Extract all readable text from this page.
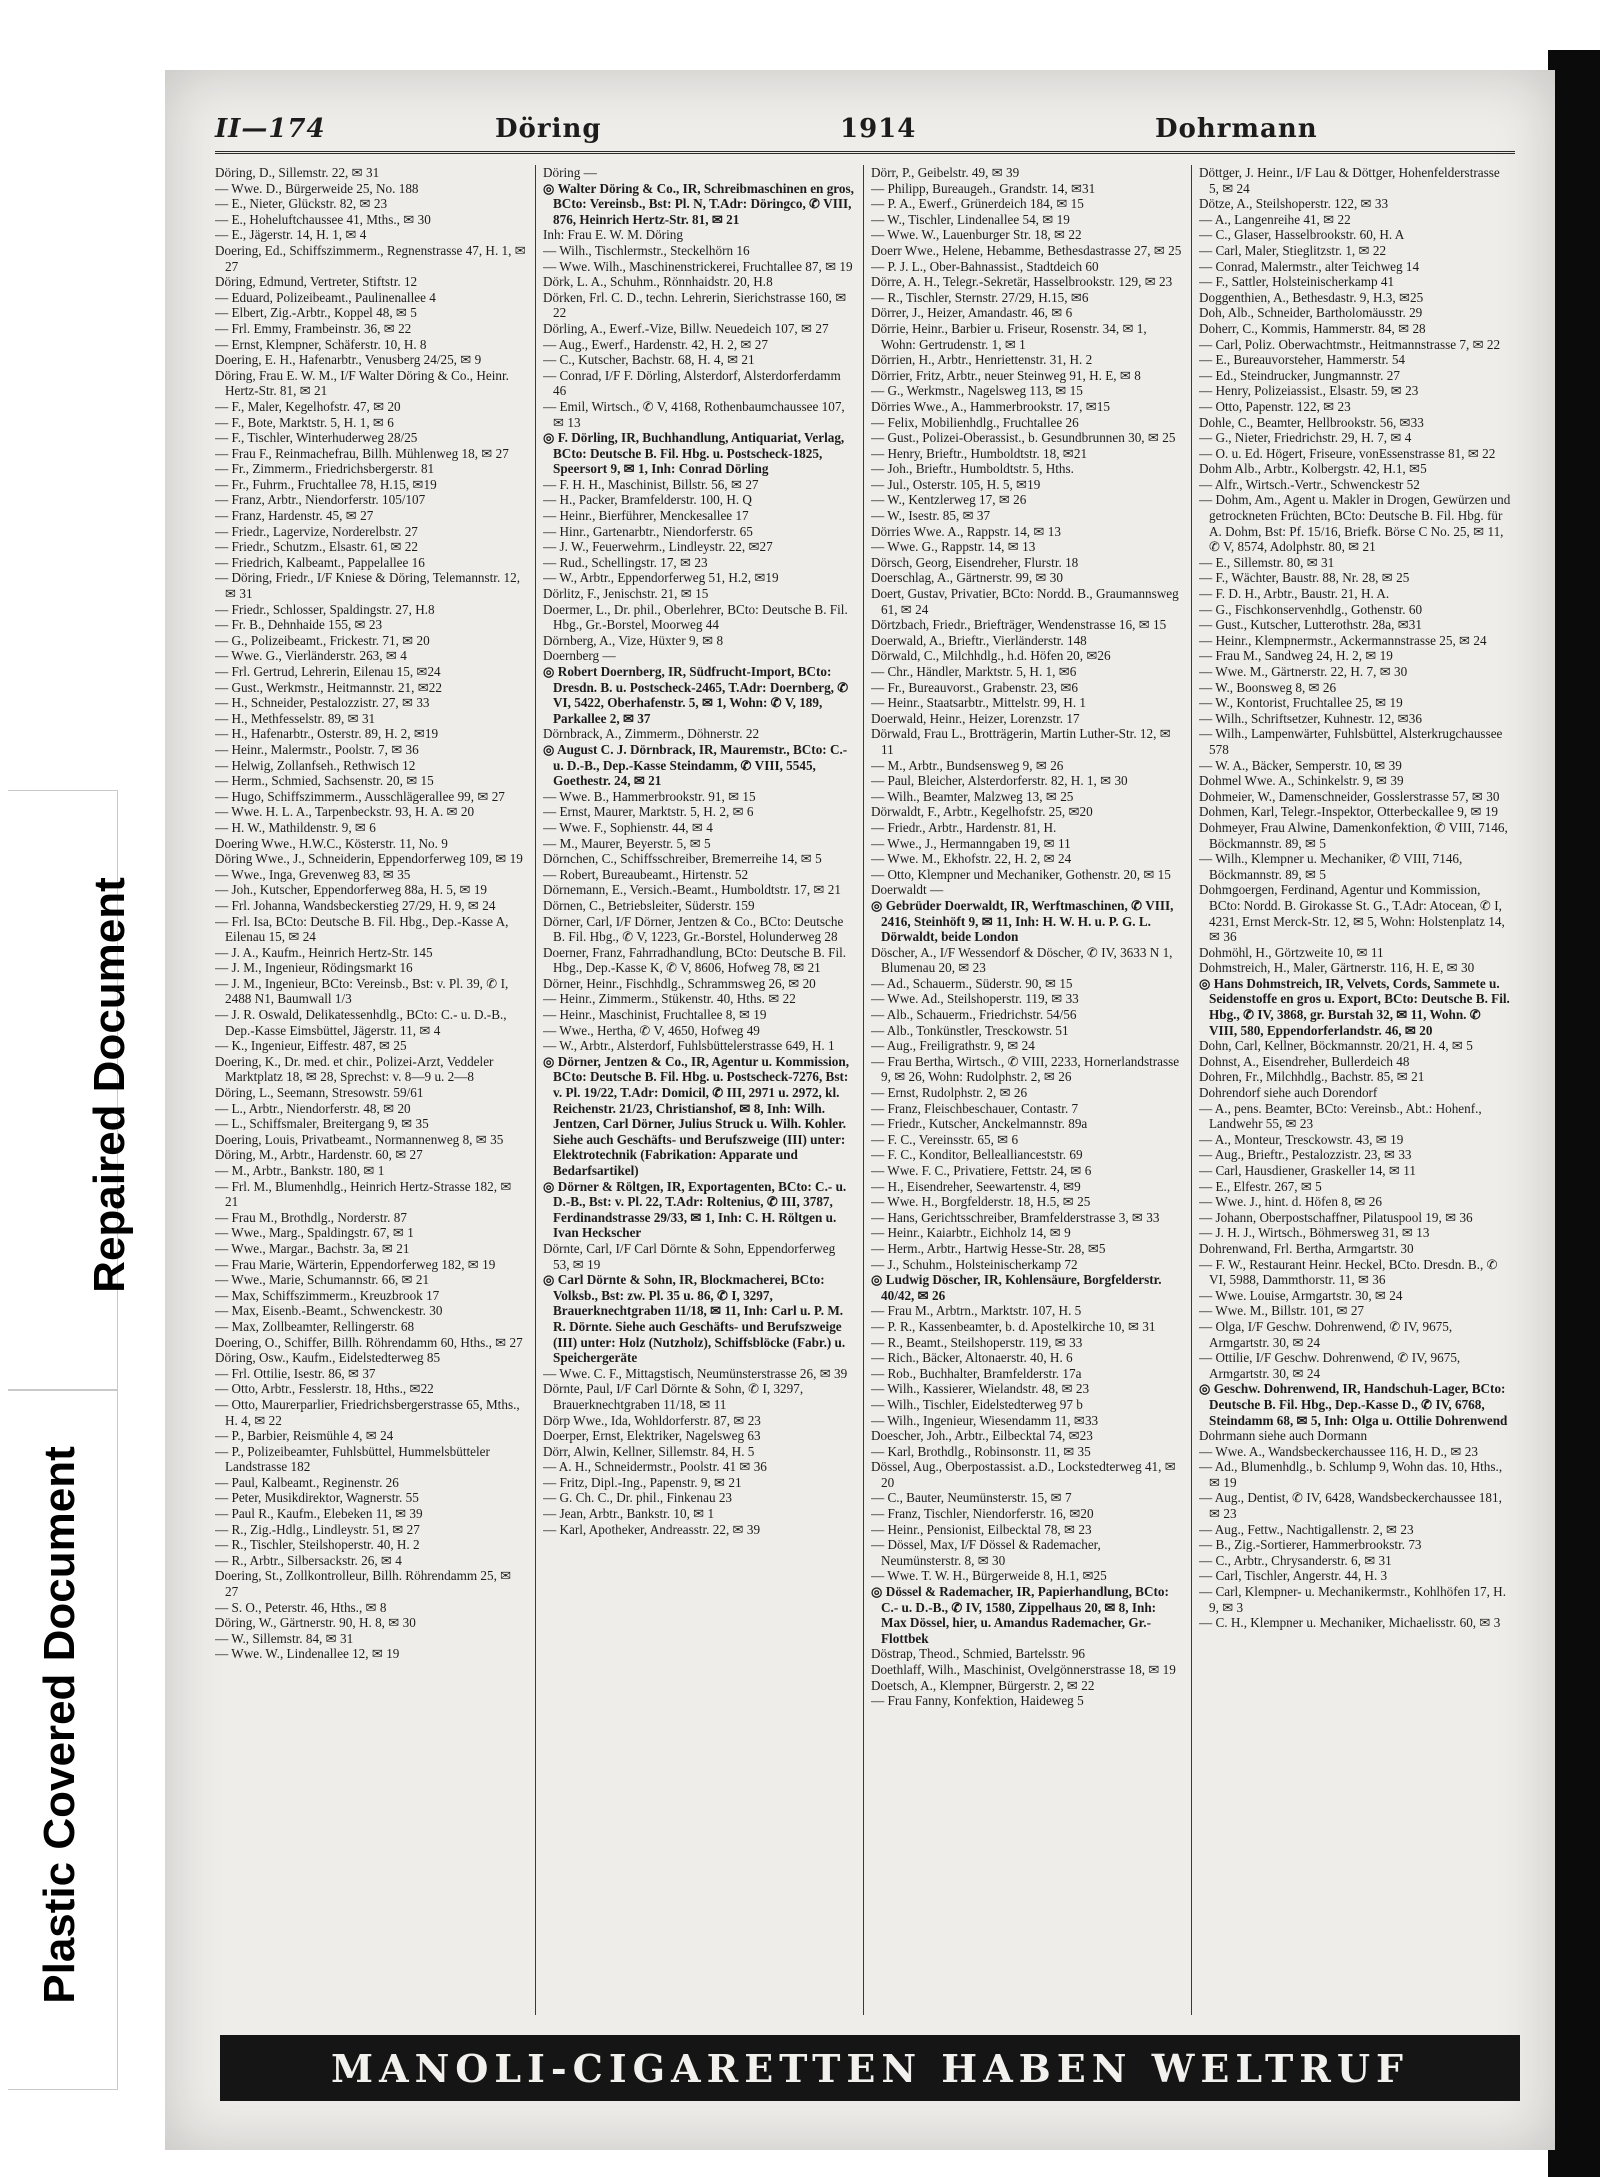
Repaired Document
Plastic Covered Document
II—174	Döring	1914	Dohrmann
Döring, D., Sillemstr. 22, ✉ 31
— Wwe. D., Bürgerweide 25, No. 188
— E., Nieter, Glückstr. 82, ✉ 23
— E., Hoheluftchaussee 41, Mths., ✉ 30
— E., Jägerstr. 14, H. 1, ✉ 4
Doering, Ed., Schiffszimmerm., Regnenstrasse 47, H. 1, ✉ 27
Döring, Edmund, Vertreter, Stiftstr. 12
— Eduard, Polizeibeamt., Paulinenallee 4
— Elbert, Zig.-Arbtr., Koppel 48, ✉ 5
— Frl. Emmy, Frambeinstr. 36, ✉ 22
— Ernst, Klempner, Schäferstr. 10, H. 8
Doering, E. H., Hafenarbtr., Venusberg 24/25, ✉ 9
Döring, Frau E. W. M., I/F Walter Döring & Co., Heinr. Hertz-Str. 81, ✉ 21
— F., Maler, Kegelhofstr. 47, ✉ 20
— F., Bote, Marktstr. 5, H. 1, ✉ 6
— F., Tischler, Winterhuderweg 28/25
— Frau F., Reinmachefrau, Billh. Mühlenweg 18, ✉ 27
— Fr., Zimmerm., Friedrichsbergerstr. 81
— Fr., Fuhrm., Fruchtallee 78, H.15, ✉19
— Franz, Arbtr., Niendorferstr. 105/107
— Franz, Hardenstr. 45, ✉ 27
— Friedr., Lagervize, Norderelbstr. 27
— Friedr., Schutzm., Elsastr. 61, ✉ 22
— Friedrich, Kalbeamt., Pappelallee 16
— Döring, Friedr., I/F Kniese & Döring, Telemannstr. 12, ✉ 31
— Friedr., Schlosser, Spaldingstr. 27, H.8
— Fr. B., Dehnhaide 155, ✉ 23
— G., Polizeibeamt., Frickestr. 71, ✉ 20
— Wwe. G., Vierländerstr. 263, ✉ 4
— Frl. Gertrud, Lehrerin, Eilenau 15, ✉24
— Gust., Werkmstr., Heitmannstr. 21, ✉22
— H., Schneider, Pestalozzistr. 27, ✉ 33
— H., Methfesselstr. 89, ✉ 31
— H., Hafenarbtr., Osterstr. 89, H. 2, ✉19
— Heinr., Malermstr., Poolstr. 7, ✉ 36
— Helwig, Zollanfseh., Rethwisch 12
— Herm., Schmied, Sachsenstr. 20, ✉ 15
— Hugo, Schiffszimmerm., Ausschlägerallee 99, ✉ 27
— Wwe. H. L. A., Tarpenbeckstr. 93, H. A. ✉ 20
— H. W., Mathildenstr. 9, ✉ 6
Doering Wwe., H.W.C., Kösterstr. 11, No. 9
Döring Wwe., J., Schneiderin, Eppendorferweg 109, ✉ 19
— Wwe., Inga, Grevenweg 83, ✉ 35
— Joh., Kutscher, Eppendorferweg 88a, H. 5, ✉ 19
— Frl. Johanna, Wandsbeckerstieg 27/29, H. 9, ✉ 24
— Frl. Isa, BCto: Deutsche B. Fil. Hbg., Dep.-Kasse A, Eilenau 15, ✉ 24
— J. A., Kaufm., Heinrich Hertz-Str. 145
— J. M., Ingenieur, Rödingsmarkt 16
— J. M., Ingenieur, BCto: Vereinsb., Bst: v. Pl. 39, ✆ I, 2488 N1, Baumwall 1/3
— J. R. Oswald, Delikatessenhdlg., BCto: C.- u. D.-B., Dep.-Kasse Eimsbüttel, Jägerstr. 11, ✉ 4
— K., Ingenieur, Eiffestr. 487, ✉ 25
Doering, K., Dr. med. et chir., Polizei-Arzt, Veddeler Marktplatz 18, ✉ 28, Sprechst: v. 8—9 u. 2—8
Döring, L., Seemann, Stresowstr. 59/61
— L., Arbtr., Niendorferstr. 48, ✉ 20
— L., Schiffsmaler, Breitergang 9, ✉ 35
Doering, Louis, Privatbeamt., Normannenweg 8, ✉ 35
Döring, M., Arbtr., Hardenstr. 60, ✉ 27
— M., Arbtr., Bankstr. 180, ✉ 1
— Frl. M., Blumenhdlg., Heinrich Hertz-Strasse 182, ✉ 21
— Frau M., Brothdlg., Norderstr. 87
— Wwe., Marg., Spaldingstr. 67, ✉ 1
— Wwe., Margar., Bachstr. 3a, ✉ 21
— Frau Marie, Wärterin, Eppendorferweg 182, ✉ 19
— Wwe., Marie, Schumannstr. 66, ✉ 21
— Max, Schiffszimmerm., Kreuzbrook 17
— Max, Eisenb.-Beamt., Schwenckestr. 30
— Max, Zollbeamter, Rellingerstr. 68
Doering, O., Schiffer, Billh. Röhrendamm 60, Hths., ✉ 27
Döring, Osw., Kaufm., Eidelstedterweg 85
— Frl. Ottilie, Isestr. 86, ✉ 37
— Otto, Arbtr., Fesslerstr. 18, Hths., ✉22
— Otto, Maurerparlier, Friedrichsbergerstrasse 65, Mths., H. 4, ✉ 22
— P., Barbier, Reismühle 4, ✉ 24
— P., Polizeibeamter, Fuhlsbüttel, Hummelsbütteler Landstrasse 182
— Paul, Kalbeamt., Reginenstr. 26
— Peter, Musikdirektor, Wagnerstr. 55
— Paul R., Kaufm., Elebeken 11, ✉ 39
— R., Zig.-Hdlg., Lindleystr. 51, ✉ 27
— R., Tischler, Steilshoperstr. 40, H. 2
— R., Arbtr., Silbersackstr. 26, ✉ 4
Doering, St., Zollkontrolleur, Billh. Röhrendamm 25, ✉ 27
— S. O., Peterstr. 46, Hths., ✉ 8
Döring, W., Gärtnerstr. 90, H. 8, ✉ 30
— W., Sillemstr. 84, ✉ 31
— Wwe. W., Lindenallee 12, ✉ 19
Döring —
◎ Walter Döring & Co., IR, Schreibmaschinen en gros, BCto: Vereinsb., Bst: Pl. N, T.Adr: Döringco, ✆ VIII, 876, Heinrich Hertz-Str. 81, ✉ 21
Inh: Frau E. W. M. Döring
— Wilh., Tischlermstr., Steckelhörn 16
— Wwe. Wilh., Maschinenstrickerei, Fruchtallee 87, ✉ 19
Dörk, L. A., Schuhm., Rönnhaidstr. 20, H.8
Dörken, Frl. C. D., techn. Lehrerin, Sierichstrasse 160, ✉ 22
Dörling, A., Ewerf.-Vize, Billw. Neuedeich 107, ✉ 27
— Aug., Ewerf., Hardenstr. 42, H. 2, ✉ 27
— C., Kutscher, Bachstr. 68, H. 4, ✉ 21
— Conrad, I/F F. Dörling, Alsterdorf, Alsterdorferdamm 46
— Emil, Wirtsch., ✆ V, 4168, Rothenbaumchaussee 107, ✉ 13
◎ F. Dörling, IR, Buchhandlung, Antiquariat, Verlag, BCto: Deutsche B. Fil. Hbg. u. Postscheck-1825, Speersort 9, ✉ 1, Inh: Conrad Dörling
— F. H. H., Maschinist, Billstr. 56, ✉ 27
— H., Packer, Bramfelderstr. 100, H. Q
— Heinr., Bierführer, Menckesallee 17
— Hinr., Gartenarbtr., Niendorferstr. 65
— J. W., Feuerwehrm., Lindleystr. 22, ✉27
— Rud., Schellingstr. 17, ✉ 23
— W., Arbtr., Eppendorferweg 51, H.2, ✉19
Dörlitz, F., Jenischstr. 21, ✉ 15
Doermer, L., Dr. phil., Oberlehrer, BCto: Deutsche B. Fil. Hbg., Gr.-Borstel, Moorweg 44
Dörnberg, A., Vize, Hüxter 9, ✉ 8
Doernberg —
◎ Robert Doernberg, IR, Südfrucht-Import, BCto: Dresdn. B. u. Postscheck-2465, T.Adr: Doernberg, ✆ VI, 5422, Oberhafenstr. 5, ✉ 1, Wohn: ✆ V, 189, Parkallee 2, ✉ 37
Dörnbrack, A., Zimmerm., Döhnerstr. 22
◎ August C. J. Dörnbrack, IR, Mauremstr., BCto: C.- u. D.-B., Dep.-Kasse Steindamm, ✆ VIII, 5545, Goethestr. 24, ✉ 21
— Wwe. B., Hammerbrookstr. 91, ✉ 15
— Ernst, Maurer, Marktstr. 5, H. 2, ✉ 6
— Wwe. F., Sophienstr. 44, ✉ 4
— M., Maurer, Beyerstr. 5, ✉ 5
Dörnchen, C., Schiffsschreiber, Bremerreihe 14, ✉ 5
— Robert, Bureaubeamt., Hirtenstr. 52
Dörnemann, E., Versich.-Beamt., Humboldtstr. 17, ✉ 21
Dörnen, C., Betriebsleiter, Süderstr. 159
Dörner, Carl, I/F Dörner, Jentzen & Co., BCto: Deutsche B. Fil. Hbg., ✆ V, 1223, Gr.-Borstel, Holunderweg 28
Doerner, Franz, Fahrradhandlung, BCto: Deutsche B. Fil. Hbg., Dep.-Kasse K, ✆ V, 8606, Hofweg 78, ✉ 21
Dörner, Heinr., Fischhdlg., Schrammsweg 26, ✉ 20
— Heinr., Zimmerm., Stükenstr. 40, Hths. ✉ 22
— Heinr., Maschinist, Fruchtallee 8, ✉ 19
— Wwe., Hertha, ✆ V, 4650, Hofweg 49
— W., Arbtr., Alsterdorf, Fuhlsbüttelerstrasse 649, H. 1
◎ Dörner, Jentzen & Co., IR, Agentur u. Kommission, BCto: Deutsche B. Fil. Hbg. u. Postscheck-7276, Bst: v. Pl. 19/22, T.Adr: Domicil, ✆ III, 2971 u. 2972, kl. Reichenstr. 21/23, Christianshof, ✉ 8, Inh: Wilh. Jentzen, Carl Dörner, Julius Struck u. Wilh. Kohler. Siehe auch Geschäfts- und Berufszweige (III) unter: Elektrotechnik (Fabrikation: Apparate und Bedarfsartikel)
◎ Dörner & Röltgen, IR, Exportagenten, BCto: C.- u. D.-B., Bst: v. Pl. 22, T.Adr: Roltenius, ✆ III, 3787, Ferdinandstrasse 29/33, ✉ 1, Inh: C. H. Röltgen u. Ivan Heckscher
Dörnte, Carl, I/F Carl Dörnte & Sohn, Eppendorferweg 53, ✉ 19
◎ Carl Dörnte & Sohn, IR, Blockmacherei, BCto: Volksb., Bst: zw. Pl. 35 u. 86, ✆ I, 3297, Brauerknechtgraben 11/18, ✉ 11, Inh: Carl u. P. M. R. Dörnte. Siehe auch Geschäfts- und Berufszweige (III) unter: Holz (Nutzholz), Schiffsblöcke (Fabr.) u. Speichergeräte
— Wwe. C. F., Mittagstisch, Neumünsterstrasse 26, ✉ 39
Dörnte, Paul, I/F Carl Dörnte & Sohn, ✆ I, 3297, Brauerknechtgraben 11/18, ✉ 11
Dörp Wwe., Ida, Wohldorferstr. 87, ✉ 23
Doerper, Ernst, Elektriker, Nagelsweg 63
Dörr, Alwin, Kellner, Sillemstr. 84, H. 5
— A. H., Schneidermstr., Poolstr. 41 ✉ 36
— Fritz, Dipl.-Ing., Papenstr. 9, ✉ 21
— G. Ch. C., Dr. phil., Finkenau 23
— Jean, Arbtr., Bankstr. 10, ✉ 1
— Karl, Apotheker, Andreasstr. 22, ✉ 39
Dörr, P., Geibelstr. 49, ✉ 39
— Philipp, Bureaugeh., Grandstr. 14, ✉31
— P. A., Ewerf., Grünerdeich 184, ✉ 15
— W., Tischler, Lindenallee 54, ✉ 19
— Wwe. W., Lauenburger Str. 18, ✉ 22
Doerr Wwe., Helene, Hebamme, Bethesdastrasse 27, ✉ 25
— P. J. L., Ober-Bahnassist., Stadtdeich 60
Dörre, A. H., Telegr.-Sekretär, Hasselbrookstr. 129, ✉ 23
— R., Tischler, Sternstr. 27/29, H.15, ✉6
Dörrer, J., Heizer, Amandastr. 46, ✉ 6
Dörrie, Heinr., Barbier u. Friseur, Rosenstr. 34, ✉ 1, Wohn: Gertrudenstr. 1, ✉ 1
Dörrien, H., Arbtr., Henriettenstr. 31, H. 2
Dörrier, Fritz, Arbtr., neuer Steinweg 91, H. E, ✉ 8
— G., Werkmstr., Nagelsweg 113, ✉ 15
Dörries Wwe., A., Hammerbrookstr. 17, ✉15
— Felix, Mobilienhdlg., Fruchtallee 26
— Gust., Polizei-Oberassist., b. Gesundbrunnen 30, ✉ 25
— Henry, Brieftr., Humboldtstr. 18, ✉21
— Joh., Brieftr., Humboldtstr. 5, Hths.
— Jul., Osterstr. 105, H. 5, ✉19
— W., Kentzlerweg 17, ✉ 26
— W., Isestr. 85, ✉ 37
Dörries Wwe. A., Rappstr. 14, ✉ 13
— Wwe. G., Rappstr. 14, ✉ 13
Dörsch, Georg, Eisendreher, Flurstr. 18
Doerschlag, A., Gärtnerstr. 99, ✉ 30
Doert, Gustav, Privatier, BCto: Nordd. B., Graumannsweg 61, ✉ 24
Dörtzbach, Friedr., Briefträger, Wendenstrasse 16, ✉ 15
Doerwald, A., Brieftr., Vierländerstr. 148
Dörwald, C., Milchhdlg., h.d. Höfen 20, ✉26
— Chr., Händler, Marktstr. 5, H. 1, ✉6
— Fr., Bureauvorst., Grabenstr. 23, ✉6
— Heinr., Staatsarbtr., Mittelstr. 99, H. 1
Doerwald, Heinr., Heizer, Lorenzstr. 17
Dörwald, Frau L., Brotträgerin, Martin Luther-Str. 12, ✉ 11
— M., Arbtr., Bundsensweg 9, ✉ 26
— Paul, Bleicher, Alsterdorferstr. 82, H. 1, ✉ 30
— Wilh., Beamter, Malzweg 13, ✉ 25
Dörwaldt, F., Arbtr., Kegelhofstr. 25, ✉20
— Friedr., Arbtr., Hardenstr. 81, H.
— Wwe., J., Hermanngaben 19, ✉ 11
— Wwe. M., Ekhofstr. 22, H. 2, ✉ 24
— Otto, Klempner und Mechaniker, Gothenstr. 20, ✉ 15
Doerwaldt —
◎ Gebrüder Doerwaldt, IR, Werftmaschinen, ✆ VIII, 2416, Steinhöft 9, ✉ 11, Inh: H. W. H. u. P. G. L. Dörwaldt, beide London
Döscher, A., I/F Wessendorf & Döscher, ✆ IV, 3633 N 1, Blumenau 20, ✉ 23
— Ad., Schauerm., Süderstr. 90, ✉ 15
— Wwe. Ad., Steilshoperstr. 119, ✉ 33
— Alb., Schauerm., Friedrichstr. 54/56
— Alb., Tonkünstler, Tresckowstr. 51
— Aug., Freiligrathstr. 9, ✉ 24
— Frau Bertha, Wirtsch., ✆ VIII, 2233, Hornerlandstrasse 9, ✉ 26, Wohn: Rudolphstr. 2, ✉ 26
— Ernst, Rudolphstr. 2, ✉ 26
— Franz, Fleischbeschauer, Contastr. 7
— Friedr., Kutscher, Anckelmannstr. 89a
— F. C., Vereinsstr. 65, ✉ 6
— F. C., Konditor, Belleallianceststr. 69
— Wwe. F. C., Privatiere, Fettstr. 24, ✉ 6
— H., Eisendreher, Seewartenstr. 4, ✉9
— Wwe. H., Borgfelderstr. 18, H.5, ✉ 25
— Hans, Gerichtsschreiber, Bramfelderstrasse 3, ✉ 33
— Heinr., Kaiarbtr., Eichholz 14, ✉ 9
— Herm., Arbtr., Hartwig Hesse-Str. 28, ✉5
— J., Schuhm., Holsteinischerkamp 72
◎ Ludwig Döscher, IR, Kohlensäure, Borgfelderstr. 40/42, ✉ 26
— Frau M., Arbtrn., Marktstr. 107, H. 5
— P. R., Kassenbeamter, b. d. Apostelkirche 10, ✉ 31
— R., Beamt., Steilshoperstr. 119, ✉ 33
— Rich., Bäcker, Altonaerstr. 40, H. 6
— Rob., Buchhalter, Bramfelderstr. 17a
— Wilh., Kassierer, Wielandstr. 48, ✉ 23
— Wilh., Tischler, Eidelstedterweg 97 b
— Wilh., Ingenieur, Wiesendamm 11, ✉33
Doescher, Joh., Arbtr., Eilbecktal 74, ✉23
— Karl, Brothdlg., Robinsonstr. 11, ✉ 35
Dössel, Aug., Oberpostassist. a.D., Lockstedterweg 41, ✉ 20
— C., Bauter, Neumünsterstr. 15, ✉ 7
— Franz, Tischler, Niendorferstr. 16, ✉20
— Heinr., Pensionist, Eilbecktal 78, ✉ 23
— Dössel, Max, I/F Dössel & Rademacher, Neumünsterstr. 8, ✉ 30
— Wwe. T. W. H., Bürgerweide 8, H.1, ✉25
◎ Dössel & Rademacher, IR, Papierhandlung, BCto: C.- u. D.-B., ✆ IV, 1580, Zippelhaus 20, ✉ 8, Inh: Max Dössel, hier, u. Amandus Rademacher, Gr.-Flottbek
Döstrap, Theod., Schmied, Bartelsstr. 96
Doethlaff, Wilh., Maschinist, Ovelgönnerstrasse 18, ✉ 19
Doetsch, A., Klempner, Bürgerstr. 2, ✉ 22
— Frau Fanny, Konfektion, Haideweg 5
Döttger, J. Heinr., I/F Lau & Döttger, Hohenfelderstrasse 5, ✉ 24
Dötze, A., Steilshoperstr. 122, ✉ 33
— A., Langenreihe 41, ✉ 22
— C., Glaser, Hasselbrookstr. 60, H. A
— Carl, Maler, Stieglitzstr. 1, ✉ 22
— Conrad, Malermstr., alter Teichweg 14
— F., Sattler, Holsteinischerkamp 41
Doggenthien, A., Bethesdastr. 9, H.3, ✉25
Doh, Alb., Schneider, Bartholomäusstr. 29
Doherr, C., Kommis, Hammerstr. 84, ✉ 28
— Carl, Poliz. Oberwachtmstr., Heitmannstrasse 7, ✉ 22
— E., Bureauvorsteher, Hammerstr. 54
— Ed., Steindrucker, Jungmannstr. 27
— Henry, Polizeiassist., Elsastr. 59, ✉ 23
— Otto, Papenstr. 122, ✉ 23
Dohle, C., Beamter, Hellbrookstr. 56, ✉33
— G., Nieter, Friedrichstr. 29, H. 7, ✉ 4
— O. u. Ed. Högert, Friseure, vonEssenstrasse 81, ✉ 22
Dohm Alb., Arbtr., Kolbergstr. 42, H.1, ✉5
— Alfr., Wirtsch.-Vertr., Schwenckestr 52
— Dohm, Am., Agent u. Makler in Drogen, Gewürzen und getrockneten Früchten, BCto: Deutsche B. Fil. Hbg. für A. Dohm, Bst: Pf. 15/16, Briefk. Börse C No. 25, ✉ 11, ✆ V, 8574, Adolphstr. 80, ✉ 21
— E., Sillemstr. 80, ✉ 31
— F., Wächter, Baustr. 88, Nr. 28, ✉ 25
— F. D. H., Arbtr., Baustr. 21, H. A.
— G., Fischkonservenhdlg., Gothenstr. 60
— Gust., Kutscher, Lutterothstr. 28a, ✉31
— Heinr., Klempnermstr., Ackermannstrasse 25, ✉ 24
— Frau M., Sandweg 24, H. 2, ✉ 19
— Wwe. M., Gärtnerstr. 22, H. 7, ✉ 30
— W., Boonsweg 8, ✉ 26
— W., Kontorist, Fruchtallee 25, ✉ 19
— Wilh., Schriftsetzer, Kuhnestr. 12, ✉36
— Wilh., Lampenwärter, Fuhlsbüttel, Alsterkrugchaussee 578
— W. A., Bäcker, Semperstr. 10, ✉ 39
Dohmel Wwe. A., Schinkelstr. 9, ✉ 39
Dohmeier, W., Damenschneider, Gosslerstrasse 57, ✉ 30
Dohmen, Karl, Telegr.-Inspektor, Otterbeckallee 9, ✉ 19
Dohmeyer, Frau Alwine, Damenkonfektion, ✆ VIII, 7146, Böckmannstr. 89, ✉ 5
— Wilh., Klempner u. Mechaniker, ✆ VIII, 7146, Böckmannstr. 89, ✉ 5
Dohmgoergen, Ferdinand, Agentur und Kommission, BCto: Nordd. B. Girokasse St. G., T.Adr: Atocean, ✆ I, 4231, Ernst Merck-Str. 12, ✉ 5, Wohn: Holstenplatz 14, ✉ 36
Dohmöhl, H., Görtzweite 10, ✉ 11
Dohmstreich, H., Maler, Gärtnerstr. 116, H. E, ✉ 30
◎ Hans Dohmstreich, IR, Velvets, Cords, Sammete u. Seidenstoffe en gros u. Export, BCto: Deutsche B. Fil. Hbg., ✆ IV, 3868, gr. Burstah 32, ✉ 11, Wohn. ✆ VIII, 580, Eppendorferlandstr. 46, ✉ 20
Dohn, Carl, Kellner, Böckmannstr. 20/21, H. 4, ✉ 5
Dohnst, A., Eisendreher, Bullerdeich 48
Dohren, Fr., Milchhdlg., Bachstr. 85, ✉ 21
Dohrendorf siehe auch Dorendorf
— A., pens. Beamter, BCto: Vereinsb., Abt.: Hohenf., Landwehr 55, ✉ 23
— A., Monteur, Tresckowstr. 43, ✉ 19
— Aug., Brieftr., Pestalozzistr. 23, ✉ 33
— Carl, Hausdiener, Graskeller 14, ✉ 11
— E., Elfestr. 267, ✉ 5
— Wwe. J., hint. d. Höfen 8, ✉ 26
— Johann, Oberpostschaffner, Pilatuspool 19, ✉ 36
— J. H. J., Wirtsch., Böhmersweg 31, ✉ 13
Dohrenwand, Frl. Bertha, Armgartstr. 30
— F. W., Restaurant Heinr. Heckel, BCto. Dresdn. B., ✆ VI, 5988, Dammthorstr. 11, ✉ 36
— Wwe. Louise, Armgartstr. 30, ✉ 24
— Wwe. M., Billstr. 101, ✉ 27
— Olga, I/F Geschw. Dohrenwend, ✆ IV, 9675, Armgartstr. 30, ✉ 24
— Ottilie, I/F Geschw. Dohrenwend, ✆ IV, 9675, Armgartstr. 30, ✉ 24
◎ Geschw. Dohrenwend, IR, Handschuh-Lager, BCto: Deutsche B. Fil. Hbg., Dep.-Kasse D., ✆ IV, 6768, Steindamm 68, ✉ 5, Inh: Olga u. Ottilie Dohrenwend
Dohrmann siehe auch Dormann
— Wwe. A., Wandsbeckerchaussee 116, H. D., ✉ 23
— Ad., Blumenhdlg., b. Schlump 9, Wohn das. 10, Hths., ✉ 19
— Aug., Dentist, ✆ IV, 6428, Wandsbeckerchaussee 181, ✉ 23
— Aug., Fettw., Nachtigallenstr. 2, ✉ 23
— B., Zig.-Sortierer, Hammerbrookstr. 73
— C., Arbtr., Chrysanderstr. 6, ✉ 31
— Carl, Tischler, Angerstr. 44, H. 3
— Carl, Klempner- u. Mechanikermstr., Kohlhöfen 17, H. 9, ✉ 3
— C. H., Klempner u. Mechaniker, Michaelisstr. 60, ✉ 3
MANOLI-CIGARETTEN HABEN WELTRUF
